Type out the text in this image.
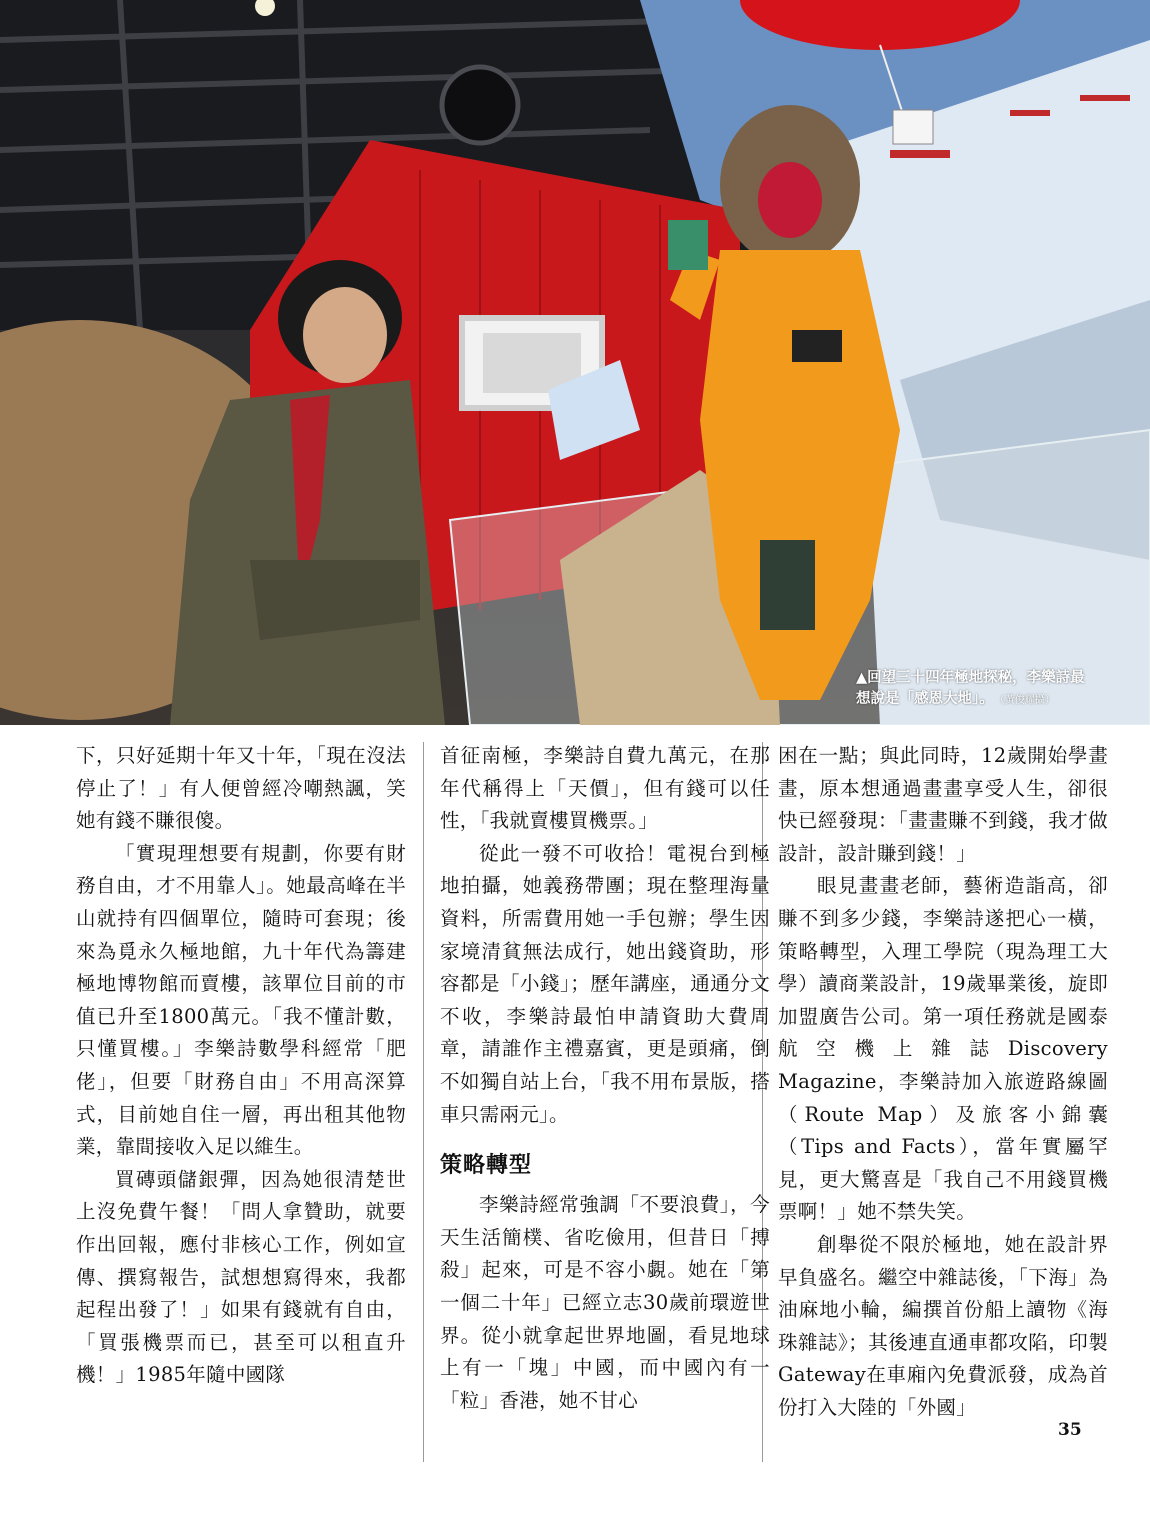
▲回望三十四年極地探秘，李樂詩最
想說是「感恩大地」。 （黃俊耀攝）

下，只好延期十年又十年，「現在沒法停止了！」有人便曾經冷嘲熱諷，笑她有錢不賺很傻。

「實現理想要有規劃，你要有財務自由，才不用靠人」。她最高峰在半山就持有四個單位，隨時可套現；後來為覓永久極地館，九十年代為籌建極地博物館而賣樓，該單位目前的市值已升至1800萬元。「我不懂計數，只懂買樓。」李樂詩數學科經常「肥佬」，但要「財務自由」不用高深算式，目前她自住一層，再出租其他物業，靠間接收入足以維生。

買磚頭儲銀彈，因為她很清楚世上沒免費午餐！「問人拿贊助，就要作出回報，應付非核心工作，例如宣傳、撰寫報告，試想想寫得來，我都起程出發了！」如果有錢就有自由，「買張機票而已，甚至可以租直升機！」1985年隨中國隊

首征南極，李樂詩自費九萬元，在那年代稱得上「天價」，但有錢可以任性，「我就賣樓買機票。」

從此一發不可收拾！電視台到極地拍攝，她義務帶團；現在整理海量資料，所需費用她一手包辦；學生因家境清貧無法成行，她出錢資助，形容都是「小錢」；歷年講座，通通分文不收，李樂詩最怕申請資助大費周章，請誰作主禮嘉賓，更是頭痛，倒不如獨自站上台，「我不用布景版，搭車只需兩元」。

策略轉型

李樂詩經常強調「不要浪費」，今天生活簡樸、省吃儉用，但昔日「搏殺」起來，可是不容小覷。她在「第一個二十年」已經立志30歲前環遊世界。從小就拿起世界地圖，看見地球上有一「塊」中國，而中國內有一「粒」香港，她不甘心

困在一點；與此同時，12歲開始學畫畫，原本想通過畫畫享受人生，卻很快已經發現：「畫畫賺不到錢，我才做設計，設計賺到錢！」

眼見畫畫老師，藝術造詣高，卻賺不到多少錢，李樂詩遂把心一橫，策略轉型，入理工學院（現為理工大學）讀商業設計，19歲畢業後，旋即加盟廣告公司。第一項任務就是國泰航空機上雜誌Discovery Magazine，李樂詩加入旅遊路線圖（Route Map）及旅客小錦囊（Tips and Facts），當年實屬罕見，更大驚喜是「我自己不用錢買機票啊！」她不禁失笑。

創舉從不限於極地，她在設計界早負盛名。繼空中雜誌後，「下海」為油麻地小輪，編撰首份船上讀物《海珠雜誌》；其後連直通車都攻陷，印製Gateway在車廂內免費派發，成為首份打入大陸的「外國」

35
